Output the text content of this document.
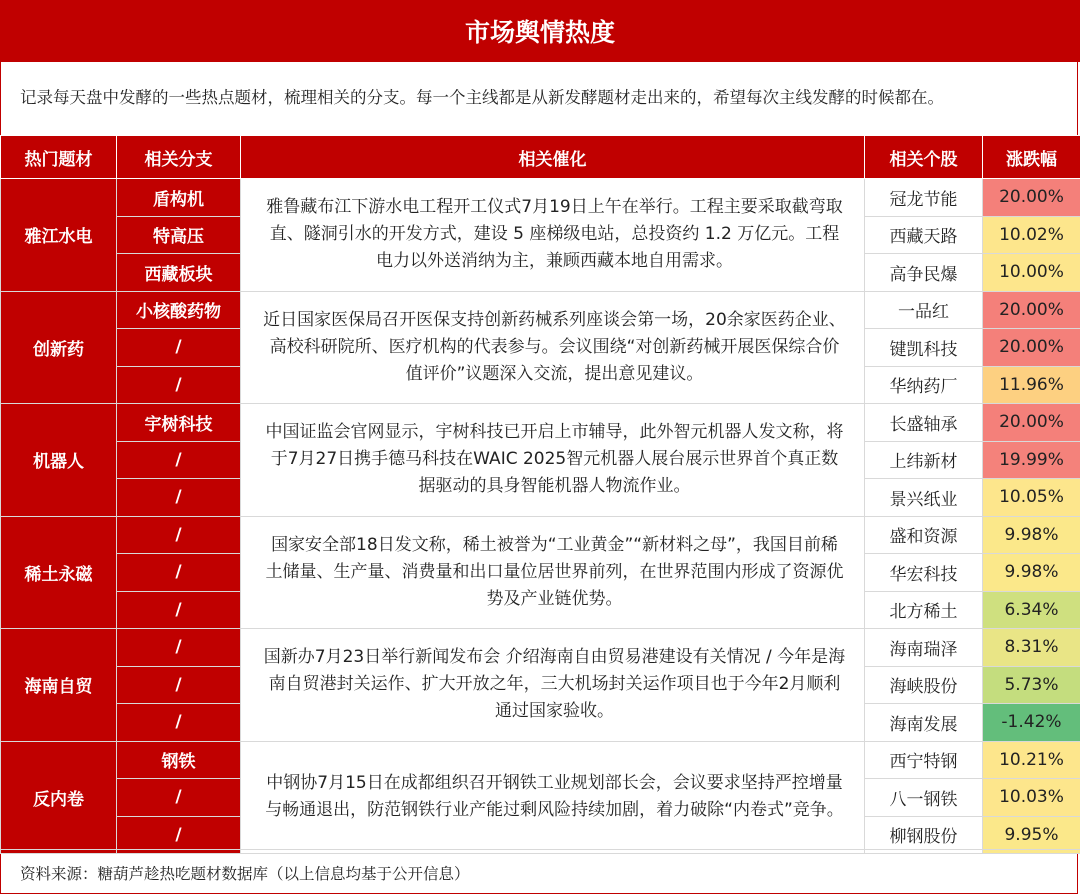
市场舆情热度
记录每天盘中发酵的一些热点题材，梳理相关的分支。每一个主线都是从新发酵题材走出来的，希望每次主线发酵的时候都在。
热门题材	相关分支	相关催化	相关个股	涨跌幅
雅江水电	盾构机	雅鲁藏布江下游水电工程开工仪式7月19日上午在举行。工程主要采取截弯取直、隧洞引水的开发方式，建设 5 座梯级电站，总投资约 1.2 万亿元。工程电力以外送消纳为主，兼顾西藏本地自用需求。	冠龙节能	20.00%
	特高压		西藏天路	10.02%
	西藏板块		高争民爆	10.00%
创新药	小核酸药物	近日国家医保局召开医保支持创新药械系列座谈会第一场，20余家医药企业、高校科研院所、医疗机构的代表参与。会议围绕“对创新药械开展医保综合价值评价”议题深入交流，提出意见建议。	一品红	20.00%
	/		键凯科技	20.00%
	/		华纳药厂	11.96%
机器人	宇树科技	中国证监会官网显示，宇树科技已开启上市辅导，此外智元机器人发文称，将于7月27日携手德马科技在WAIC 2025智元机器人展台展示世界首个真正数据驱动的具身智能机器人物流作业。	长盛轴承	20.00%
	/		上纬新材	19.99%
	/		景兴纸业	10.05%
稀土永磁	/	国家安全部18日发文称，稀土被誉为“工业黄金”“新材料之母”，我国目前稀土储量、生产量、消费量和出口量位居世界前列，在世界范围内形成了资源优势及产业链优势。	盛和资源	9.98%
	/		华宏科技	9.98%
	/		北方稀土	6.34%
海南自贸	/	国新办7月23日举行新闻发布会 介绍海南自由贸易港建设有关情况 / 今年是海南自贸港封关运作、扩大开放之年，三大机场封关运作项目也于今年2月顺利通过国家验收。	海南瑞泽	8.31%
	/		海峡股份	5.73%
	/		海南发展	-1.42%
反内卷	钢铁	中钢协7月15日在成都组织召开钢铁工业规划部长会，会议要求坚持严控增量与畅通退出，防范钢铁行业产能过剩风险持续加剧，着力破除“内卷式”竞争。	西宁特钢	10.21%
	/		八一钢铁	10.03%
	/		柳钢股份	9.95%
资料来源：糖葫芦趁热吃题材数据库（以上信息均基于公开信息）
